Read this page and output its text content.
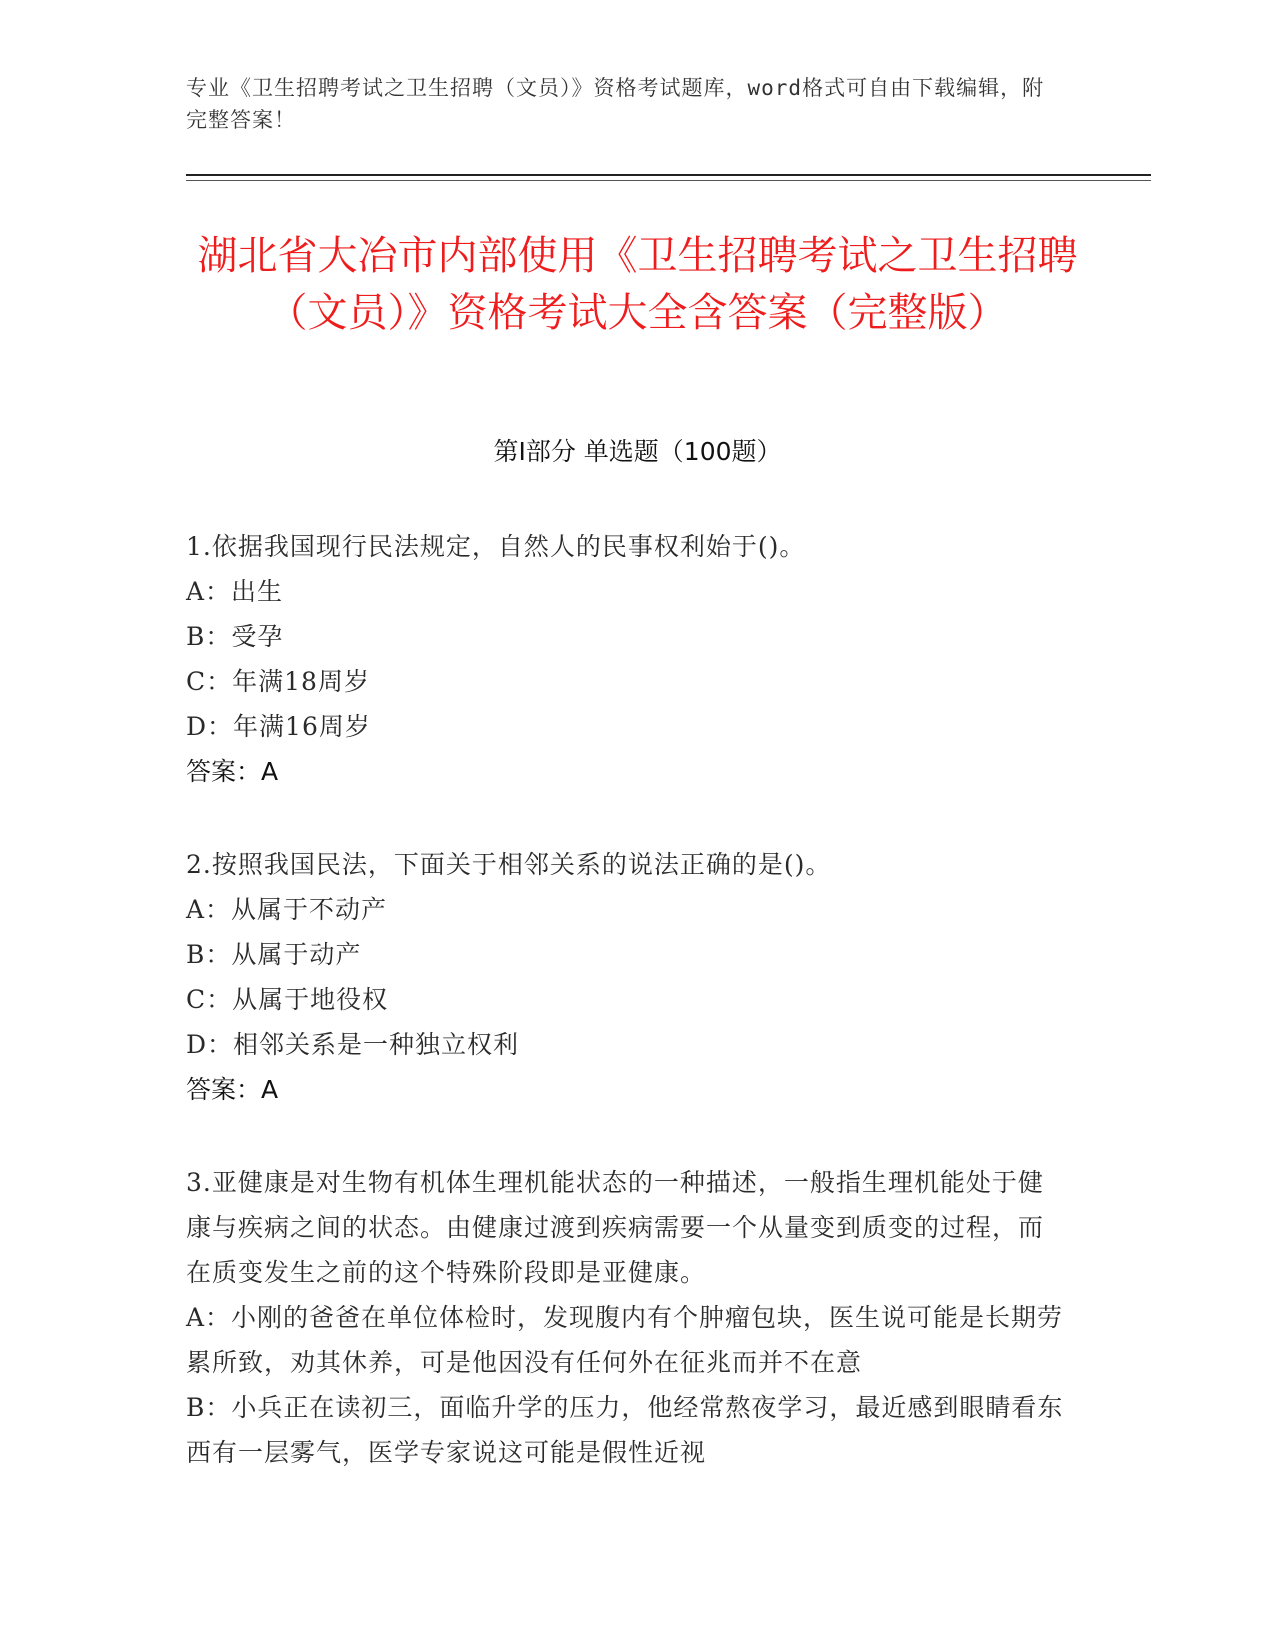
专业《卫生招聘考试之卫生招聘（文员）》资格考试题库，word格式可自由下载编辑，附完整答案！
湖北省大冶市内部使用《卫生招聘考试之卫生招聘（文员）》资格考试大全含答案（完整版）
第I部分 单选题（100题）

1.依据我国现行民法规定，自然人的民事权利始于()。

A：出生

B：受孕

C：年满18周岁

D：年满16周岁

答案：A

2.按照我国民法，下面关于相邻关系的说法正确的是()。

A：从属于不动产

B：从属于动产

C：从属于地役权

D：相邻关系是一种独立权利

答案：A

3.亚健康是对生物有机体生理机能状态的一种描述，一般指生理机能处于健康与疾病之间的状态。由健康过渡到疾病需要一个从量变到质变的过程，而在质变发生之前的这个特殊阶段即是亚健康。

A：小刚的爸爸在单位体检时，发现腹内有个肿瘤包块，医生说可能是长期劳累所致，劝其休养，可是他因没有任何外在征兆而并不在意

B：小兵正在读初三，面临升学的压力，他经常熬夜学习，最近感到眼睛看东西有一层雾气，医学专家说这可能是假性近视
